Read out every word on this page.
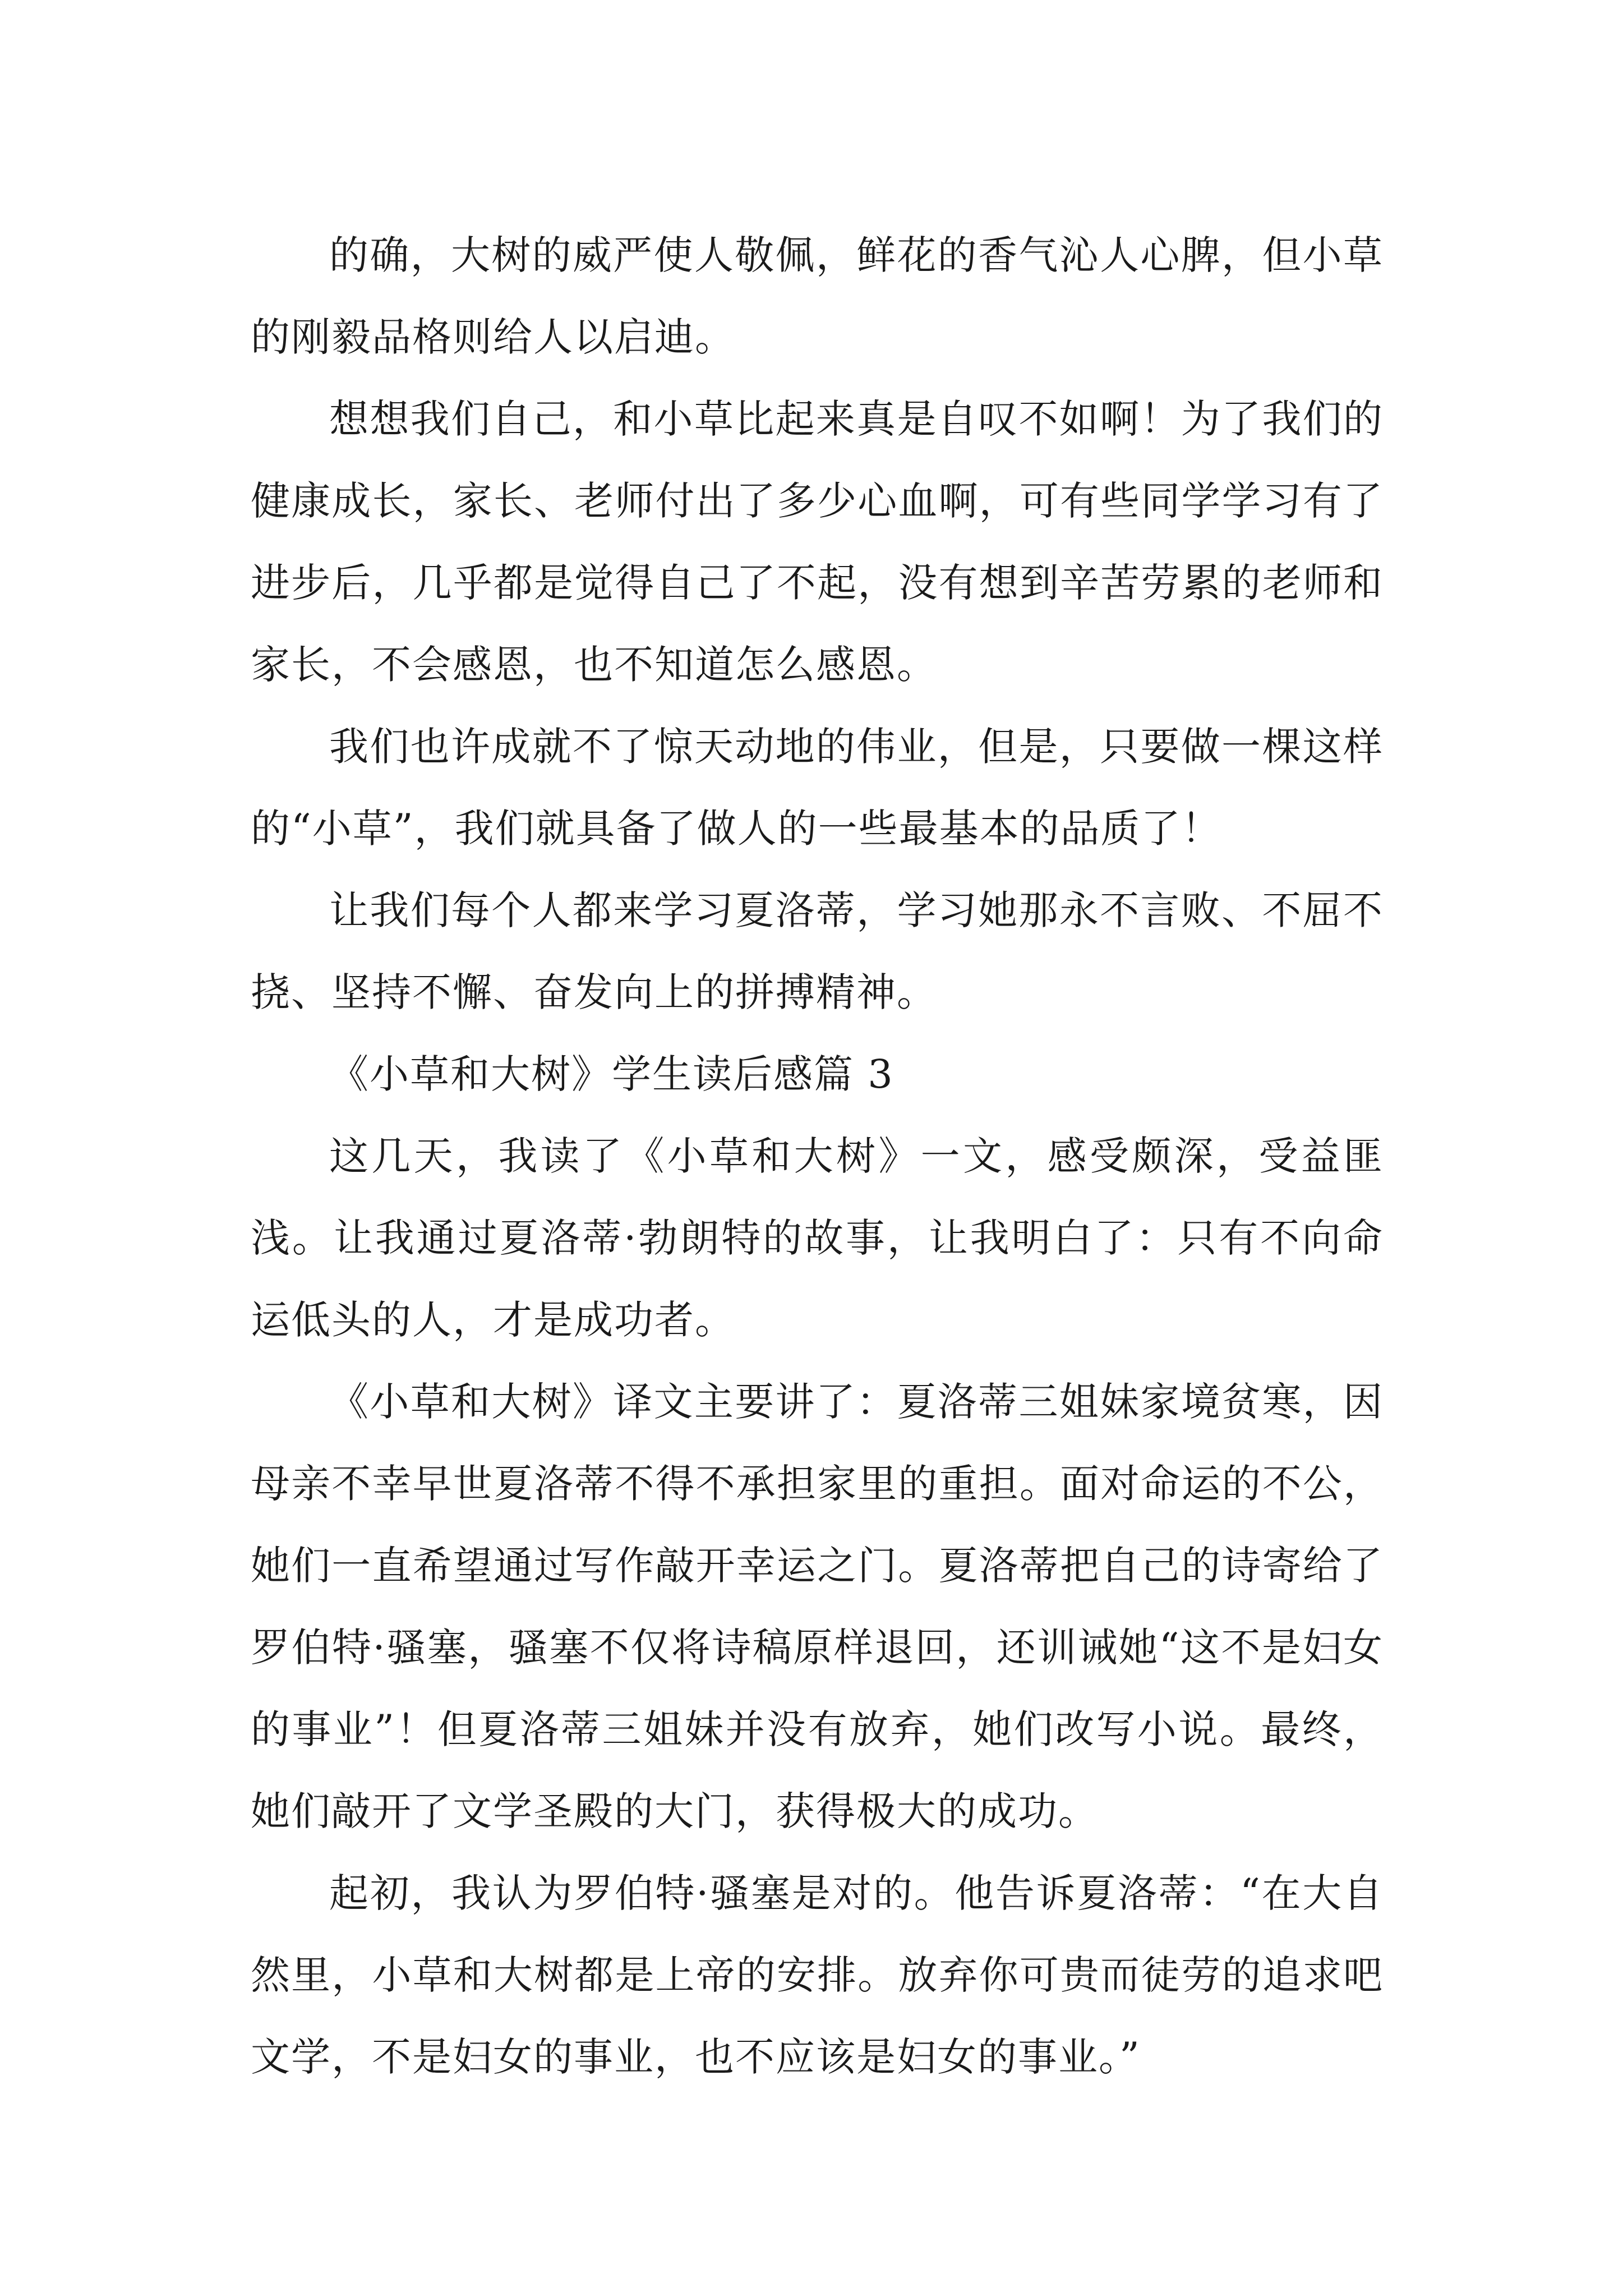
的确，大树的威严使人敬佩，鲜花的香气沁人心脾，但小草的刚毅品格则给人以启迪。

想想我们自己，和小草比起来真是自叹不如啊！为了我们的健康成长，家长、老师付出了多少心血啊，可有些同学学习有了进步后，几乎都是觉得自己了不起，没有想到辛苦劳累的老师和家长，不会感恩，也不知道怎么感恩。

我们也许成就不了惊天动地的伟业，但是，只要做一棵这样的“小草”，我们就具备了做人的一些最基本的品质了！

让我们每个人都来学习夏洛蒂，学习她那永不言败、不屈不挠、坚持不懈、奋发向上的拼搏精神。

《小草和大树》学生读后感篇 3

这几天，我读了《小草和大树》一文，感受颇深，受益匪浅。让我通过夏洛蒂·勃朗特的故事，让我明白了：只有不向命运低头的人，才是成功者。

《小草和大树》译文主要讲了：夏洛蒂三姐妹家境贫寒，因母亲不幸早世夏洛蒂不得不承担家里的重担。面对命运的不公，她们一直希望通过写作敲开幸运之门。夏洛蒂把自己的诗寄给了罗伯特·骚塞，骚塞不仅将诗稿原样退回，还训诫她“这不是妇女的事业”！但夏洛蒂三姐妹并没有放弃，她们改写小说。最终，她们敲开了文学圣殿的大门，获得极大的成功。

起初，我认为罗伯特·骚塞是对的。他告诉夏洛蒂：“在大自然里，小草和大树都是上帝的安排。放弃你可贵而徒劳的追求吧文学，不是妇女的事业，也不应该是妇女的事业。”
